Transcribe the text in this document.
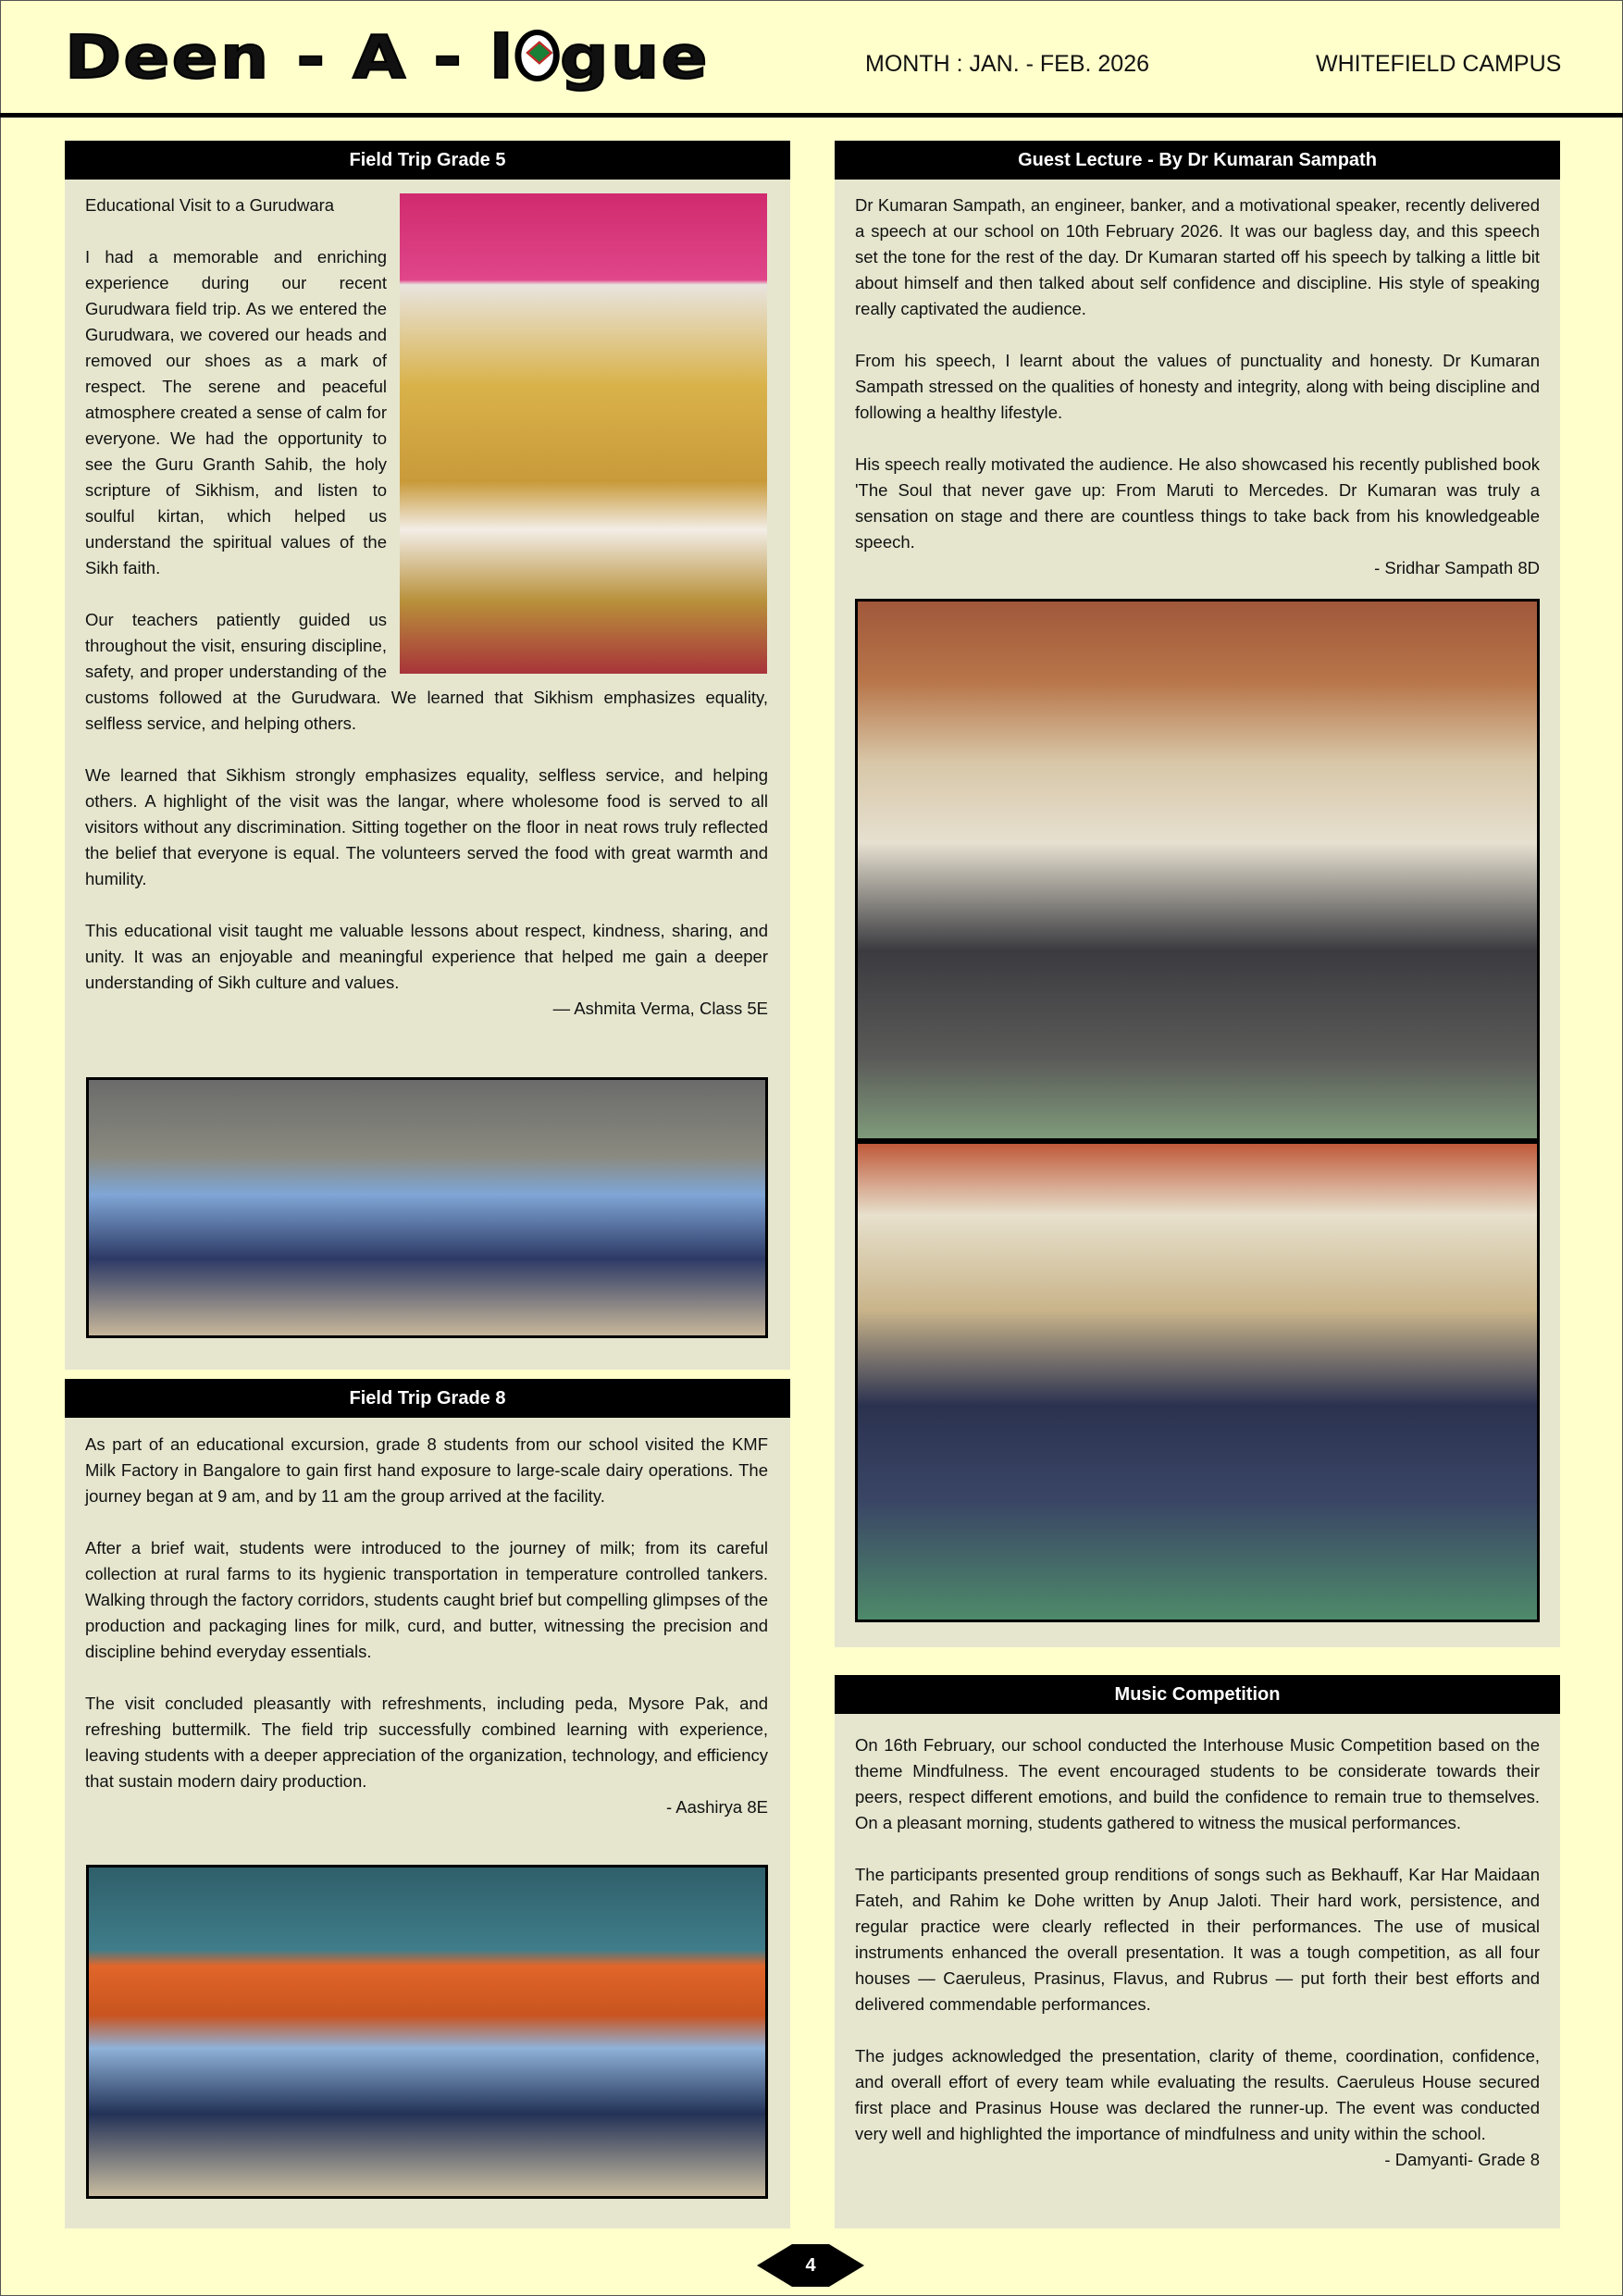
Deen - A - l gue	MONTH : JAN. - FEB. 2026	WHITEFIELD CAMPUS
Field Trip Grade 5

Educational Visit to a Gurudwara

I had a memorable and enriching experience during our recent Gurudwara field trip. As we entered the Gurudwara, we covered our heads and removed our shoes as a mark of respect. The serene and peaceful atmosphere created a sense of calm for everyone. We had the opportunity to see the Guru Granth Sahib, the holy scripture of Sikhism, and listen to soulful kirtan, which helped us understand the spiritual values of the Sikh faith.

Our teachers patiently guided us throughout the visit, ensuring discipline, safety, and proper understanding of the customs followed at the Gurudwara. We learned that Sikhism emphasizes equality, selfless service, and helping others.

We learned that Sikhism strongly emphasizes equality, selfless service, and helping others. A highlight of the visit was the langar, where wholesome food is served to all visitors without any discrimination. Sitting together on the floor in neat rows truly reflected the belief that everyone is equal. The volunteers served the food with great warmth and humility.

This educational visit taught me valuable lessons about respect, kindness, sharing, and unity. It was an enjoyable and meaningful experience that helped me gain a deeper understanding of Sikh culture and values.

— Ashmita Verma, Class 5E
Field Trip Grade 8

As part of an educational excursion, grade 8 students from our school visited the KMF Milk Factory in Bangalore to gain first hand exposure to large-scale dairy operations. The journey began at 9 am, and by 11 am the group arrived at the facility.

After a brief wait, students were introduced to the journey of milk; from its careful collection at rural farms to its hygienic transportation in temperature controlled tankers. Walking through the factory corridors, students caught brief but compelling glimpses of the production and packaging lines for milk, curd, and butter, witnessing the precision and discipline behind everyday essentials.

The visit concluded pleasantly with refreshments, including peda, Mysore Pak, and refreshing buttermilk. The field trip successfully combined learning with experience, leaving students with a deeper appreciation of the organization, technology, and efficiency that sustain modern dairy production.

- Aashirya 8E
Guest Lecture - By Dr Kumaran Sampath

Dr Kumaran Sampath, an engineer, banker, and a motivational speaker, recently delivered a speech at our school on 10th February 2026. It was our bagless day, and this speech set the tone for the rest of the day. Dr Kumaran started off his speech by talking a little bit about himself and then talked about self confidence and discipline. His style of speaking really captivated the audience.

From his speech, I learnt about the values of punctuality and honesty. Dr Kumaran Sampath stressed on the qualities of honesty and integrity, along with being discipline and following a healthy lifestyle.

His speech really motivated the audience. He also showcased his recently published book 'The Soul that never gave up: From Maruti to Mercedes. Dr Kumaran was truly a sensation on stage and there are countless things to take back from his knowledgeable speech.

- Sridhar Sampath 8D
Music Competition

On 16th February, our school conducted the Interhouse Music Competition based on the theme Mindfulness. The event encouraged students to be considerate towards their peers, respect different emotions, and build the confidence to remain true to themselves. On a pleasant morning, students gathered to witness the musical performances.

The participants presented group renditions of songs such as Bekhauff, Kar Har Maidaan Fateh, and Rahim ke Dohe written by Anup Jaloti. Their hard work, persistence, and regular practice were clearly reflected in their performances. The use of musical instruments enhanced the overall presentation. It was a tough competition, as all four houses — Caeruleus, Prasinus, Flavus, and Rubrus — put forth their best efforts and delivered commendable performances.

The judges acknowledged the presentation, clarity of theme, coordination, confidence, and overall effort of every team while evaluating the results. Caeruleus House secured first place and Prasinus House was declared the runner-up. The event was conducted very well and highlighted the importance of mindfulness and unity within the school.

- Damyanti- Grade 8
4
